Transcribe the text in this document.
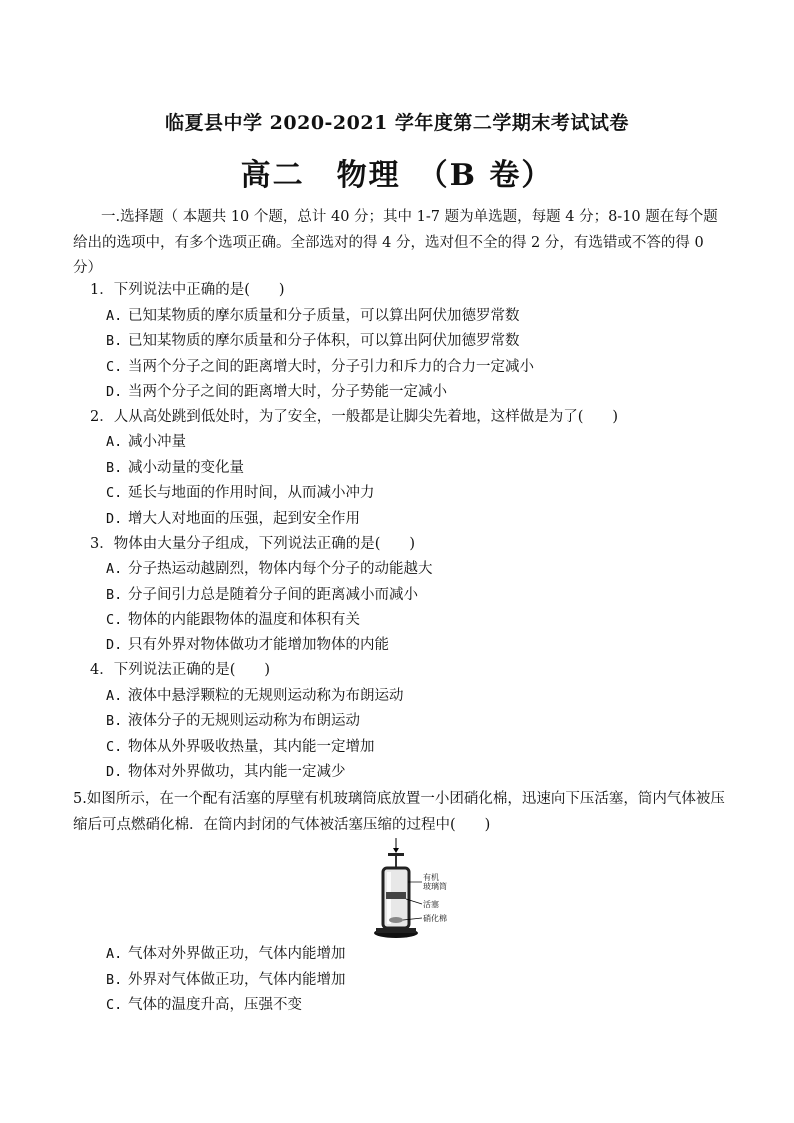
临夏县中学 2020-2021 学年度第二学期末考试试卷
高二　物理　（B 卷）
一.选择题（ 本题共 10 个题，总计 40 分；其中 1-7 题为单选题，每题 4 分；8-10 题在每个题给出的选项中，有多个选项正确。全部选对的得 4 分，选对但不全的得 2 分，有选错或不答的得 0 分）
1．下列说法中正确的是(　　)
A. 已知某物质的摩尔质量和分子质量，可以算出阿伏加德罗常数
B. 已知某物质的摩尔质量和分子体积，可以算出阿伏加德罗常数
C. 当两个分子之间的距离增大时，分子引力和斥力的合力一定减小
D. 当两个分子之间的距离增大时，分子势能一定减小
2．人从高处跳到低处时，为了安全，一般都是让脚尖先着地，这样做是为了(　　)
A. 减小冲量
B. 减小动量的变化量
C. 延长与地面的作用时间，从而减小冲力
D. 增大人对地面的压强，起到安全作用
3．物体由大量分子组成，下列说法正确的是(　　)
A. 分子热运动越剧烈，物体内每个分子的动能越大
B. 分子间引力总是随着分子间的距离减小而减小
C. 物体的内能跟物体的温度和体积有关
D. 只有外界对物体做功才能增加物体的内能
4．下列说法正确的是(　　)
A. 液体中悬浮颗粒的无规则运动称为布朗运动
B. 液体分子的无规则运动称为布朗运动
C. 物体从外界吸收热量，其内能一定增加
D. 物体对外界做功，其内能一定减少
5.如图所示，在一个配有活塞的厚壁有机玻璃筒底放置一小团硝化棉，迅速向下压活塞，筒内气体被压缩后可点燃硝化棉．在筒内封闭的气体被活塞压缩的过程中(　　)
有机
玻璃筒
活塞
硝化棉
A. 气体对外界做正功，气体内能增加
B. 外界对气体做正功，气体内能增加
C. 气体的温度升高，压强不变
